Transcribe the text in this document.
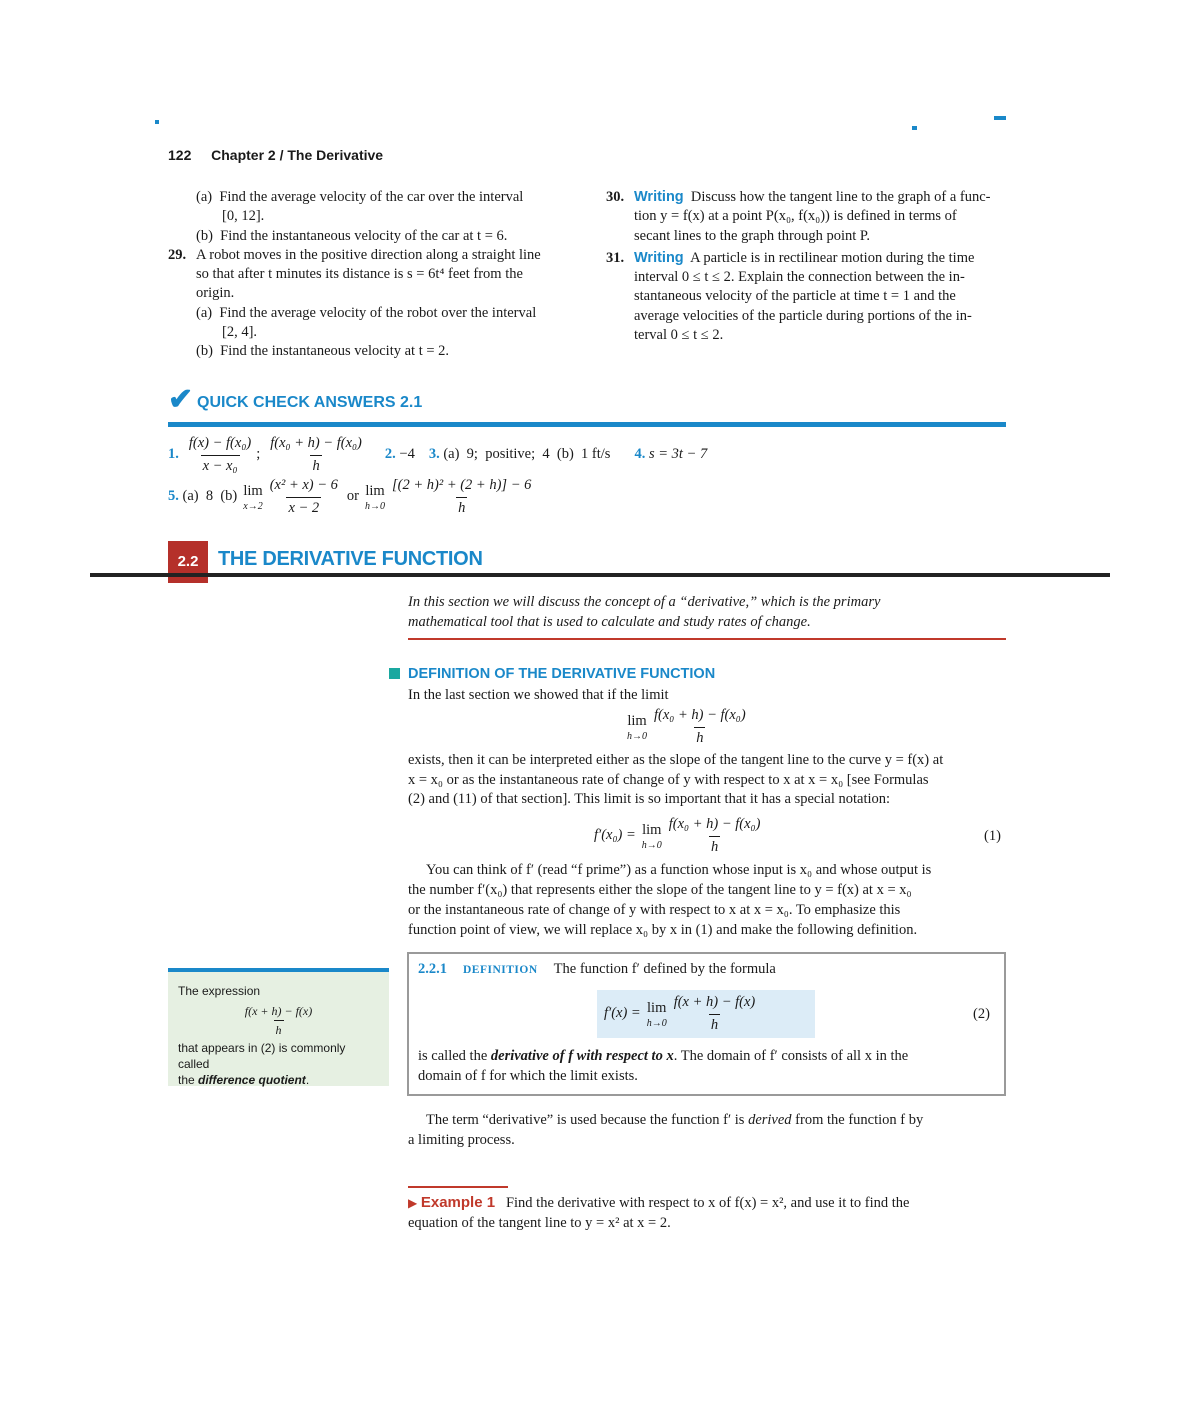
122 Chapter 2 / The Derivative
(a)  Find the average velocity of the car over the interval
[0, 12].
(b)  Find the instantaneous velocity of the car at t = 6.
29. A robot moves in the positive direction along a straight line
so that after t minutes its distance is s = 6t⁴ feet from the
origin.
(a)  Find the average velocity of the robot over the interval
[2, 4].
(b)  Find the instantaneous velocity at t = 2.
30. Writing Discuss how the tangent line to the graph of a func-
tion y = f(x) at a point P(x₀, f(x₀)) is defined in terms of
secant lines to the graph through point P.
31. Writing A particle is in rectilinear motion during the time
interval 0 ≤ t ≤ 2. Explain the connection between the in-
stantaneous velocity of the particle at time t = 1 and the
average velocities of the particle during portions of the in-
terval 0 ≤ t ≤ 2.
✔ QUICK CHECK ANSWERS 2.1
1. $\frac{\text{f(x) − f(x₀)}}{\text{x − x₀}}$ ; $\frac{\text{f(x₀ + h) − f(x₀)}}{h} 2$.
−4 3.
(a)  9;  positive;  4  (b)  1 ft/s 4.
s = 3t − 7
5.
(a)  8  (b) lim
$x\to 2 \frac{\text{(x² + x) − 6}}{x - 2}$ or lim
$h\to 0 \frac{\text{[(2 + h)² + (2 + h)] − 6}}{h}$
2.2 THE DERIVATIVE FUNCTION
In this section we will discuss the concept of a “derivative,” which is the primary
mathematical tool that is used to calculate and study rates of change.
DEFINITION OF THE DERIVATIVE FUNCTION
In the last section we showed that if the limit
lim
$h\to 0 \frac{\text{f(x₀ + h) − f(x₀)}}{h}$
exists, then it can be interpreted either as the slope of the tangent line to the curve y = f(x) at
x = x₀ or as the instantaneous rate of change of y with respect to x at x = x₀ [see Formulas
(2) and (11) of that section]. This limit is so important that it has a special notation:
f′(x₀) = lim
$h\to 0 \frac{\text{f(x₀ + h) − f(x₀)}}{h}$	(1)
You can think of f′ (read “f prime”) as a function whose input is x₀ and whose output is
the number f′(x₀) that represents either the slope of the tangent line to y = f(x) at x = x₀
or the instantaneous rate of change of y with respect to x at x = x₀. To emphasize this
function point of view, we will replace x₀ by x in (1) and make the following definition.
The expression
$\frac{f(x + h) - f(x)}{h}$
that appears in (2) is commonly called
the difference quotient.
2.2.1 DEFINITION The function f′ defined by the formula
f′(x) = lim
$h\to 0 \frac{f(x + h) - f(x)}{h}$	(2)
is called the derivative of f with respect to x. The domain of f′ consists of all x in the
domain of f for which the limit exists.
The term “derivative” is used because the function f′ is derived from the function f by
a limiting process.
▶ Example 1 Find the derivative with respect to x of f(x) = x², and use it to find the
equation of the tangent line to y = x² at x = 2.
